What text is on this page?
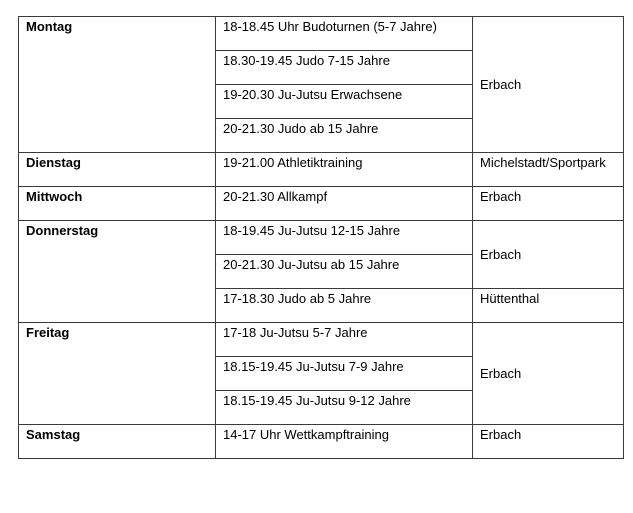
Montag	18-18.45 Uhr Budoturnen (5-7 Jahre)	Erbach
	18.30-19.45 Judo 7-15 Jahre	
	19-20.30 Ju-Jutsu Erwachsene	
	20-21.30 Judo ab 15 Jahre	
Dienstag	19-21.00 Athletiktraining	Michelstadt/Sportpark
Mittwoch	20-21.30 Allkampf	Erbach
Donnerstag	18-19.45 Ju-Jutsu 12-15 Jahre	Erbach
	20-21.30 Ju-Jutsu ab 15 Jahre	
	17-18.30 Judo ab 5 Jahre	Hüttenthal
Freitag	17-18 Ju-Jutsu 5-7 Jahre	Erbach
	18.15-19.45 Ju-Jutsu 7-9 Jahre	
	18.15-19.45 Ju-Jutsu 9-12 Jahre	
Samstag	14-17 Uhr Wettkampftraining	Erbach
